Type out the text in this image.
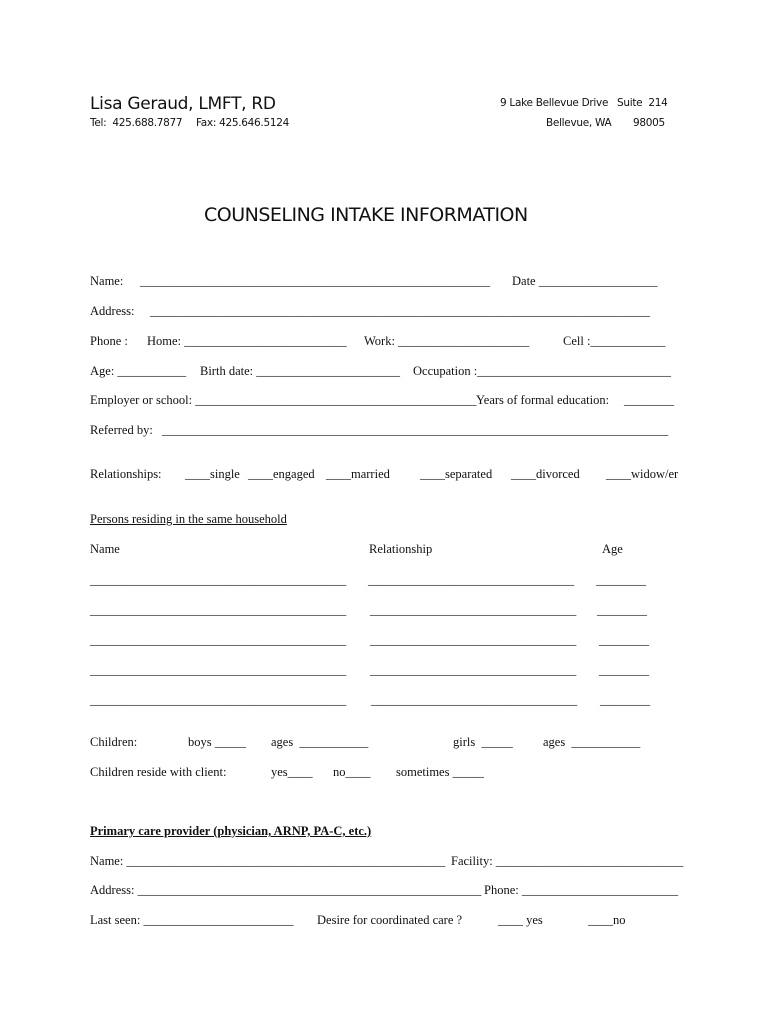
Lisa Geraud, LMFT, RD
Tel:  425.688.7877 Fax: 425.646.5124
9 Lake Bellevue Drive Suite  214
Bellevue, WA 98005
COUNSELING INTAKE INFORMATION
Name: ________________________________________________________ Date ___________________
Address: ________________________________________________________________________________
Phone : Home: __________________________ Work: _____________________	Cell :____________
Age: ___________ Birth date: _______________________ Occupation :_______________________________
Employer or school: _____________________________________________ Years of formal education: ________
Referred by: _________________________________________________________________________________
Relationships: ____single ____engaged ____married ____separated ____divorced ____widow/er
Persons residing in the same household
Name	Relationship	Age
_________________________________________ _________________________________ ________
_________________________________________ _________________________________ ________
_________________________________________ _________________________________ ________
_________________________________________ _________________________________ ________
_________________________________________ _________________________________ ________
Children:	boys _____ ages  ___________	girls  _____ ages  ___________
Children reside with client:	yes____ no____ sometimes _____
Primary care provider (physician, ARNP, PA-C, etc.)
Name: ___________________________________________________ Facility: ______________________________
Address: _______________________________________________________ Phone: _________________________
Last seen: ________________________ Desire for coordinated care ?	____ yes	____no
